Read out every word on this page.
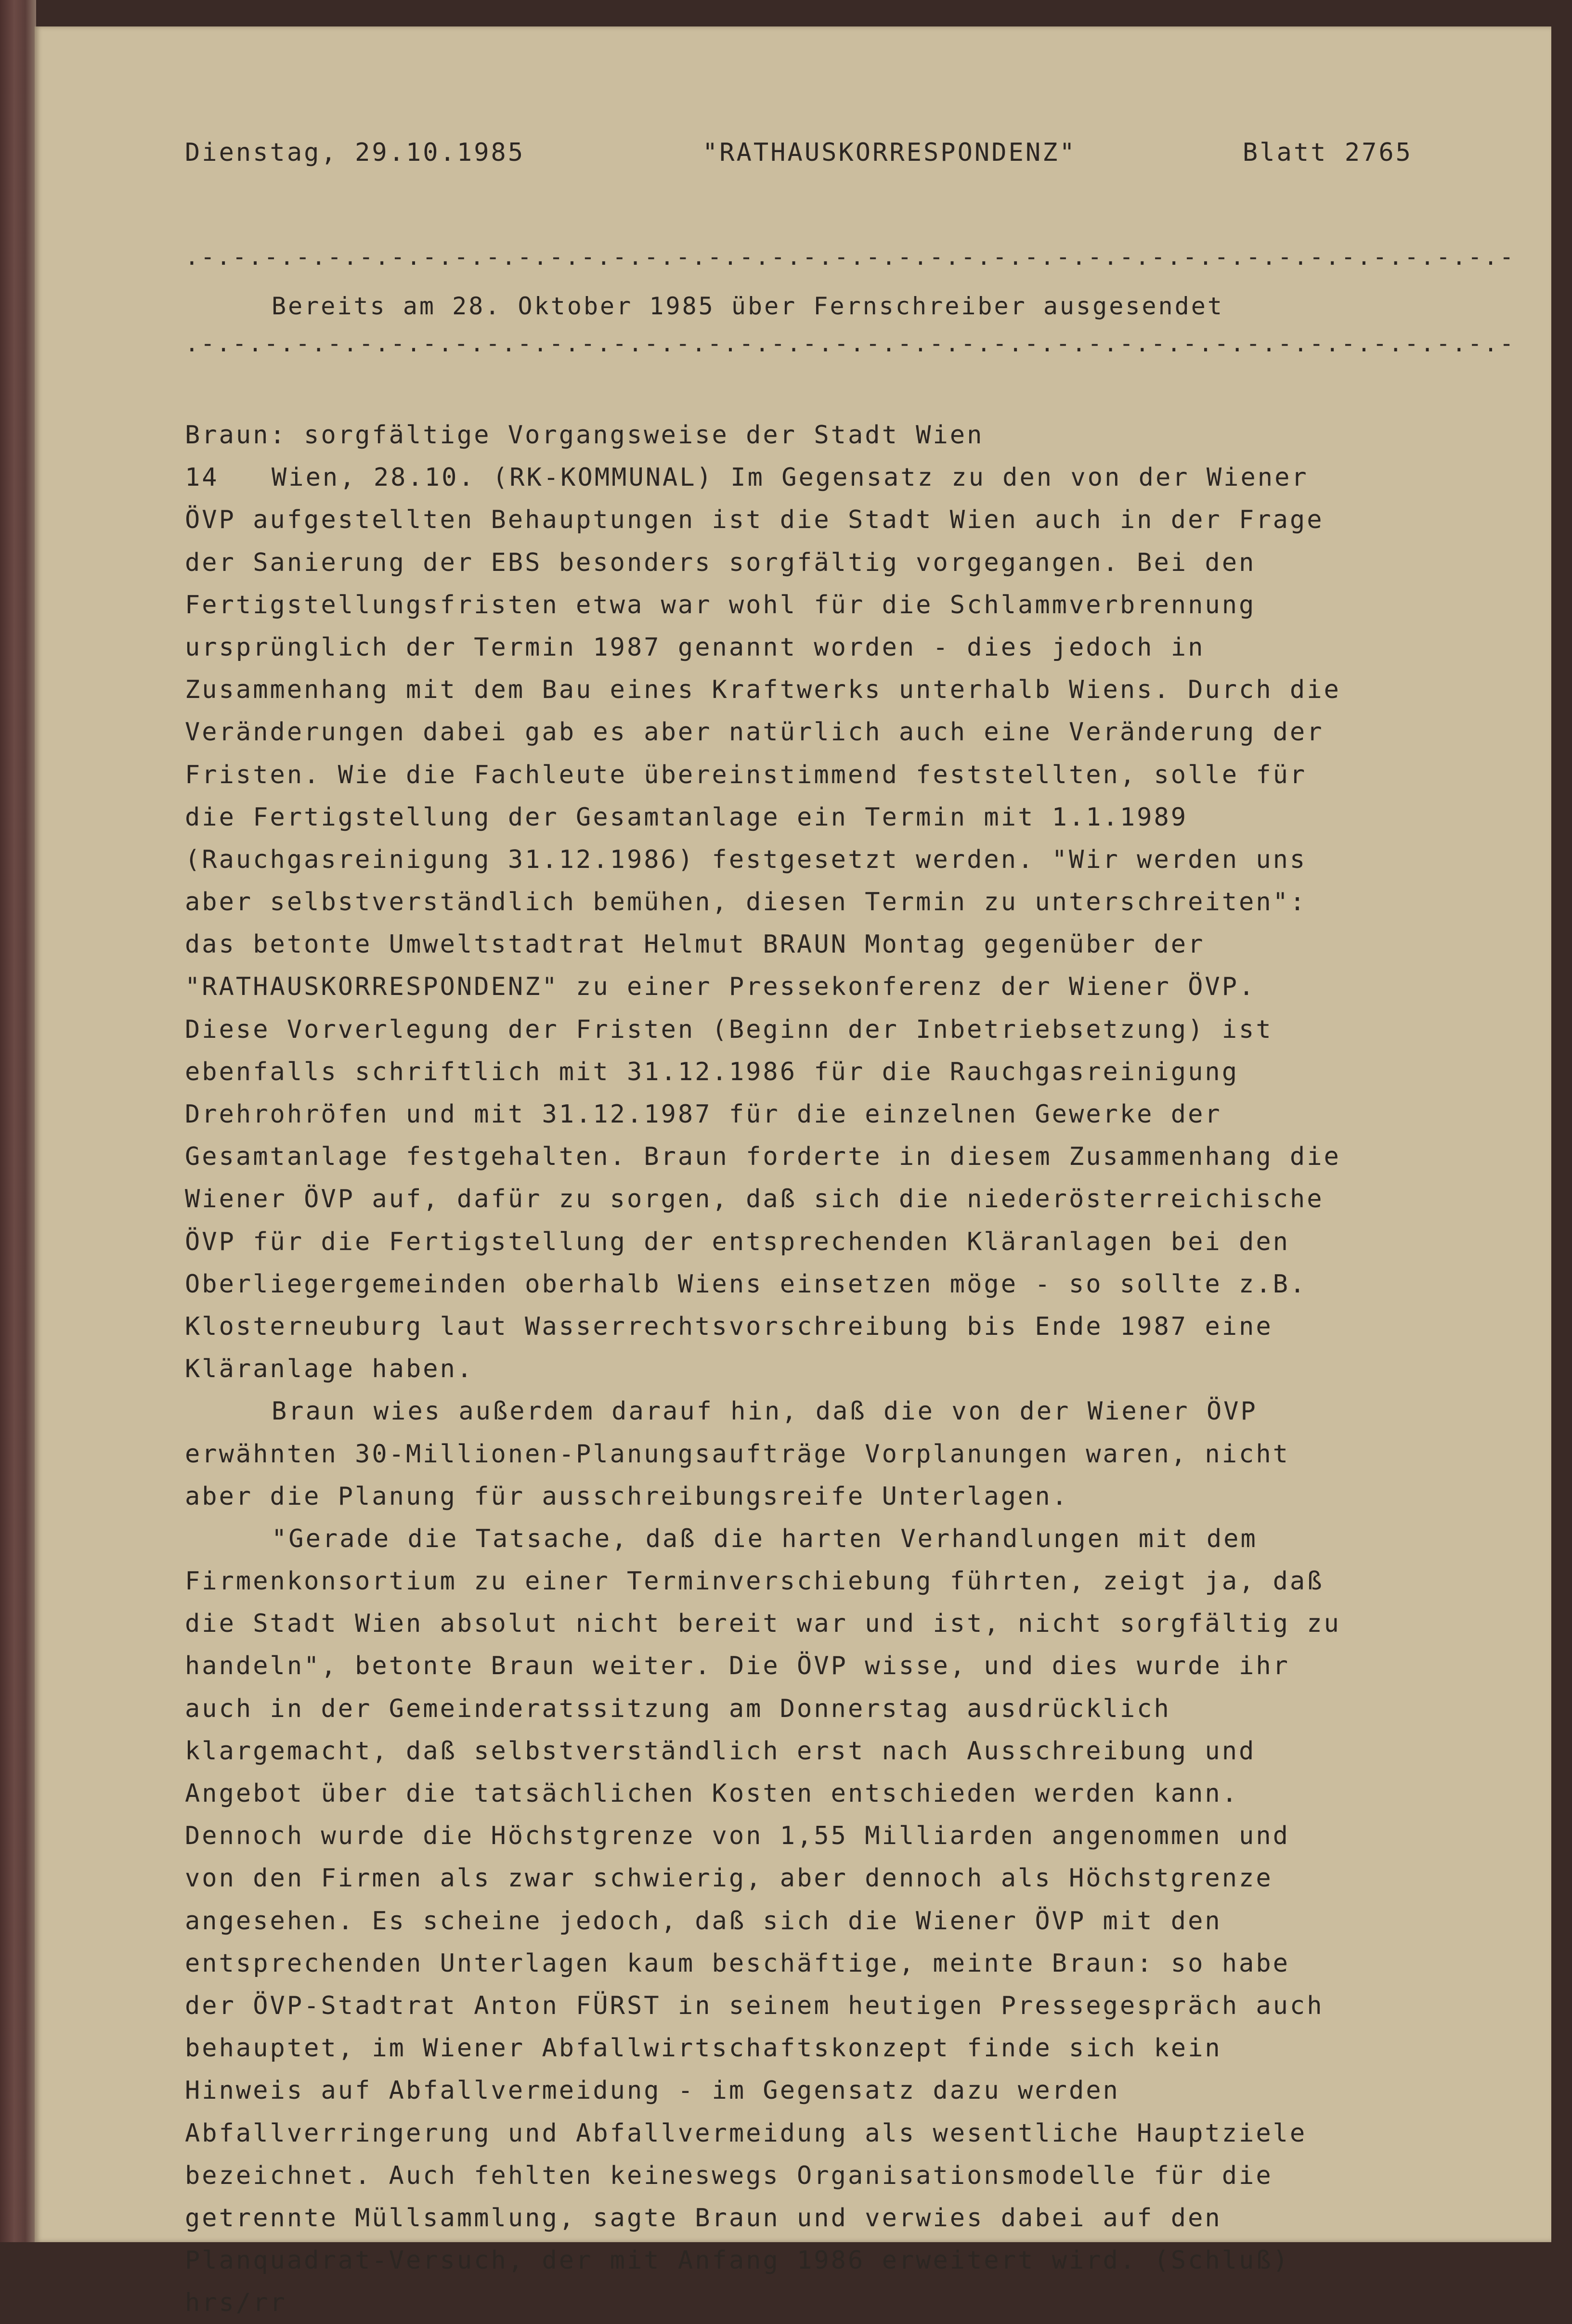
Dienstag, 29.10.1985	"RATHAUSKORRESPONDENZ"	Blatt 2765
.-.-.-.-.-.-.-.-.-.-.-.-.-.-.-.-.-.-.-.-.-.-.-.-.-.-.-.-.-.-.-.-.-.-.-.-.-.-.-.-.-.-
Bereits am 28. Oktober 1985 über Fernschreiber ausgesendet
.-.-.-.-.-.-.-.-.-.-.-.-.-.-.-.-.-.-.-.-.-.-.-.-.-.-.-.-.-.-.-.-.-.-.-.-.-.-.-.-.-.-
Braun: sorgfältige Vorgangsweise der Stadt Wien
14 Wien, 28.10. (RK-KOMMUNAL) Im Gegensatz zu den von der Wiener
ÖVP aufgestellten Behauptungen ist die Stadt Wien auch in der Frage
der Sanierung der EBS besonders sorgfältig vorgegangen. Bei den
Fertigstellungsfristen etwa war wohl für die Schlammverbrennung
ursprünglich der Termin 1987 genannt worden - dies jedoch in
Zusammenhang mit dem Bau eines Kraftwerks unterhalb Wiens. Durch die
Veränderungen dabei gab es aber natürlich auch eine Veränderung der
Fristen. Wie die Fachleute übereinstimmend feststellten, solle für
die Fertigstellung der Gesamtanlage ein Termin mit 1.1.1989
(Rauchgasreinigung 31.12.1986) festgesetzt werden. "Wir werden uns
aber selbstverständlich bemühen, diesen Termin zu unterschreiten":
das betonte Umweltstadtrat Helmut BRAUN Montag gegenüber der
"RATHAUSKORRESPONDENZ" zu einer Pressekonferenz der Wiener ÖVP.
Diese Vorverlegung der Fristen (Beginn der Inbetriebsetzung) ist
ebenfalls schriftlich mit 31.12.1986 für die Rauchgasreinigung
Drehrohröfen und mit 31.12.1987 für die einzelnen Gewerke der
Gesamtanlage festgehalten. Braun forderte in diesem Zusammenhang die
Wiener ÖVP auf, dafür zu sorgen, daß sich die niederösterreichische
ÖVP für die Fertigstellung der entsprechenden Kläranlagen bei den
Oberliegergemeinden oberhalb Wiens einsetzen möge - so sollte z.B.
Klosterneuburg laut Wasserrechtsvorschreibung bis Ende 1987 eine
Kläranlage haben.
Braun wies außerdem darauf hin, daß die von der Wiener ÖVP
erwähnten 30-Millionen-Planungsaufträge Vorplanungen waren, nicht
aber die Planung für ausschreibungsreife Unterlagen.
"Gerade die Tatsache, daß die harten Verhandlungen mit dem
Firmenkonsortium zu einer Terminverschiebung führten, zeigt ja, daß
die Stadt Wien absolut nicht bereit war und ist, nicht sorgfältig zu
handeln", betonte Braun weiter. Die ÖVP wisse, und dies wurde ihr
auch in der Gemeinderatssitzung am Donnerstag ausdrücklich
klargemacht, daß selbstverständlich erst nach Ausschreibung und
Angebot über die tatsächlichen Kosten entschieden werden kann.
Dennoch wurde die Höchstgrenze von 1,55 Milliarden angenommen und
von den Firmen als zwar schwierig, aber dennoch als Höchstgrenze
angesehen. Es scheine jedoch, daß sich die Wiener ÖVP mit den
entsprechenden Unterlagen kaum beschäftige, meinte Braun: so habe
der ÖVP-Stadtrat Anton FÜRST in seinem heutigen Pressegespräch auch
behauptet, im Wiener Abfallwirtschaftskonzept finde sich kein
Hinweis auf Abfallvermeidung - im Gegensatz dazu werden
Abfallverringerung und Abfallvermeidung als wesentliche Hauptziele
bezeichnet. Auch fehlten keineswegs Organisationsmodelle für die
getrennte Müllsammlung, sagte Braun und verwies dabei auf den
Planquadrat-Versuch, der mit Anfang 1986 erweitert wird. (Schluß)
hrs/rr
